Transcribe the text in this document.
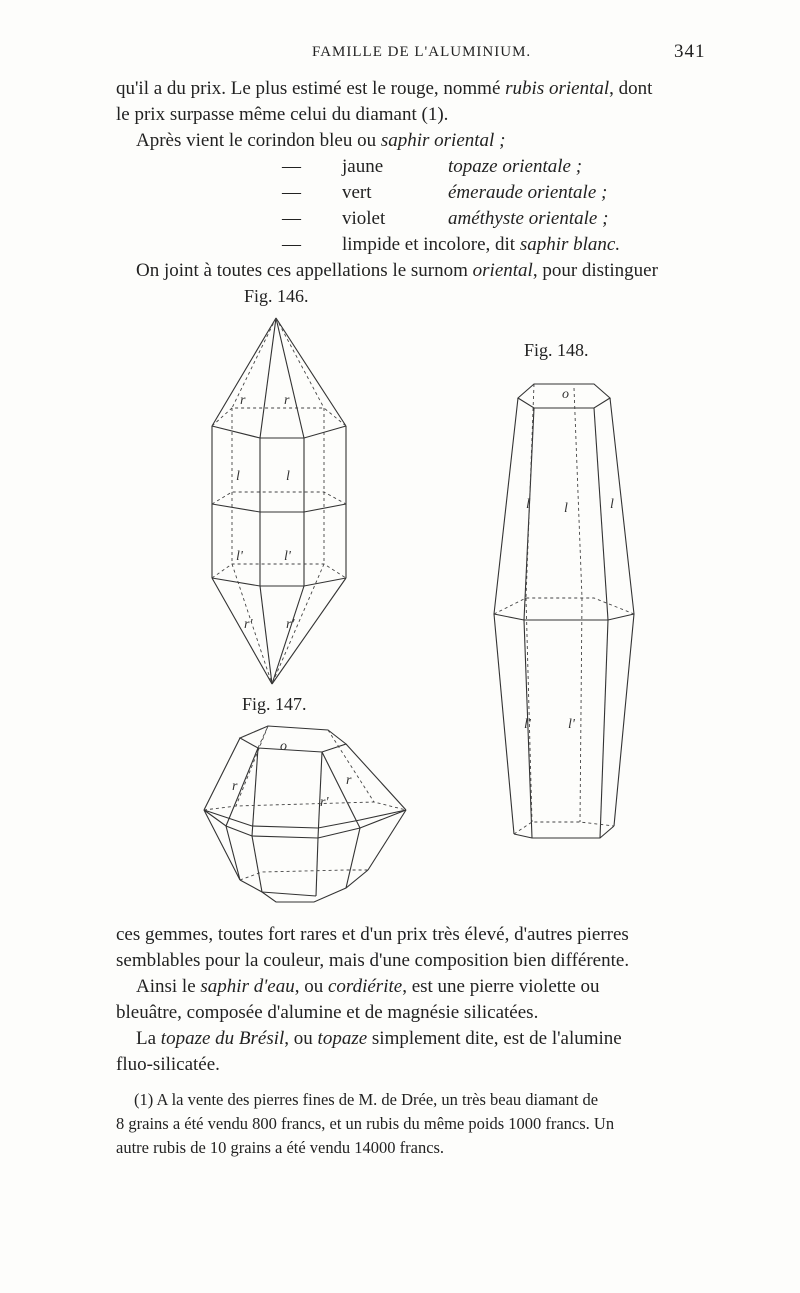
FAMILLE DE L'ALUMINIUM.	341
qu'il a du prix. Le plus estimé est le rouge, nommé rubis oriental, dont
le prix surpasse même celui du diamant (1).
Après vient le corindon bleu ou saphir oriental ;
—	jaune	topaze orientale ;
—	vert	émeraude orientale ;
—	violet	améthyste orientale ;
—	limpide et incolore, dit saphir blanc.
On joint à toutes ces appellations le surnom oriental, pour distinguer
Fig. 146.
Fig. 148.
Fig. 147.
r	r
l	l
l'	l'
r' r'
o
r	r
r'
o
l l	l
l'	l'
ces gemmes, toutes fort rares et d'un prix très élevé, d'autres pierres
semblables pour la couleur, mais d'une composition bien différente.
Ainsi le saphir d'eau, ou cordiérite, est une pierre violette ou
bleuâtre, composée d'alumine et de magnésie silicatées.
La topaze du Brésil, ou topaze simplement dite, est de l'alumine
fluo-silicatée.
(1) A la vente des pierres fines de M. de Drée, un très beau diamant de
8 grains a été vendu 800 francs, et un rubis du même poids 1000 francs. Un
autre rubis de 10 grains a été vendu 14000 francs.
